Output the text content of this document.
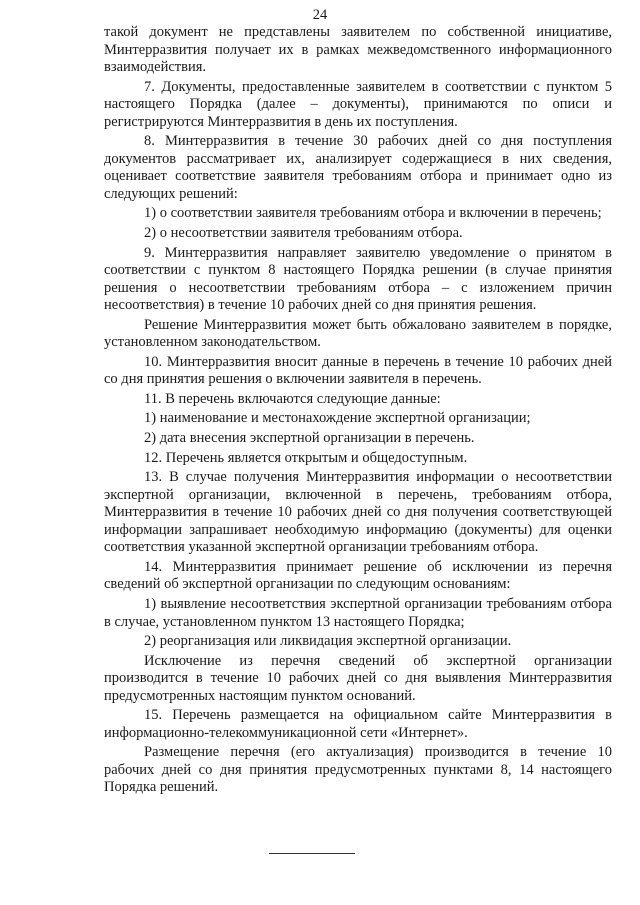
24

такой документ не представлены заявителем по собственной инициативе, Минтерразвития получает их в рамках межведомственного информационного взаимодействия.

7. Документы, предоставленные заявителем в соответствии с пунктом 5 настоящего Порядка (далее – документы), принимаются по описи и регистрируются Минтерразвития в день их поступления.

8. Минтерразвития в течение 30 рабочих дней со дня поступления документов рассматривает их, анализирует содержащиеся в них сведения, оценивает соответствие заявителя требованиям отбора и принимает одно из следующих решений:

1) о соответствии заявителя требованиям отбора и включении в перечень;

2) о несоответствии заявителя требованиям отбора.

9. Минтерразвития направляет заявителю уведомление о принятом в соответствии с пунктом 8 настоящего Порядка решении (в случае принятия решения о несоответствии требованиям отбора – с изложением причин несоответствия) в течение 10 рабочих дней со дня принятия решения.

Решение Минтерразвития может быть обжаловано заявителем в порядке, установленном законодательством.

10. Минтерразвития вносит данные в перечень в течение 10 рабочих дней со дня принятия решения о включении заявителя в перечень.

11. В перечень включаются следующие данные:

1) наименование и местонахождение экспертной организации;

2) дата внесения экспертной организации в перечень.

12. Перечень является открытым и общедоступным.

13. В случае получения Минтерразвития информации о несоответствии экспертной организации, включенной в перечень, требованиям отбора, Минтерразвития в течение 10 рабочих дней со дня получения соответствующей информации запрашивает необходимую информацию (документы) для оценки соответствия указанной экспертной организации требованиям отбора.

14. Минтерразвития принимает решение об исключении из перечня сведений об экспертной организации по следующим основаниям:

1) выявление несоответствия экспертной организации требованиям отбора в случае, установленном пунктом 13 настоящего Порядка;

2) реорганизация или ликвидация экспертной организации.

Исключение из перечня сведений об экспертной организации производится в течение 10 рабочих дней со дня выявления Минтерразвития предусмотренных настоящим пунктом оснований.

15. Перечень размещается на официальном сайте Минтерразвития в информационно-телекоммуникационной сети «Интернет».

Размещение перечня (его актуализация) производится в течение 10 рабочих дней со дня принятия предусмотренных пунктами 8, 14 настоящего Порядка решений.
